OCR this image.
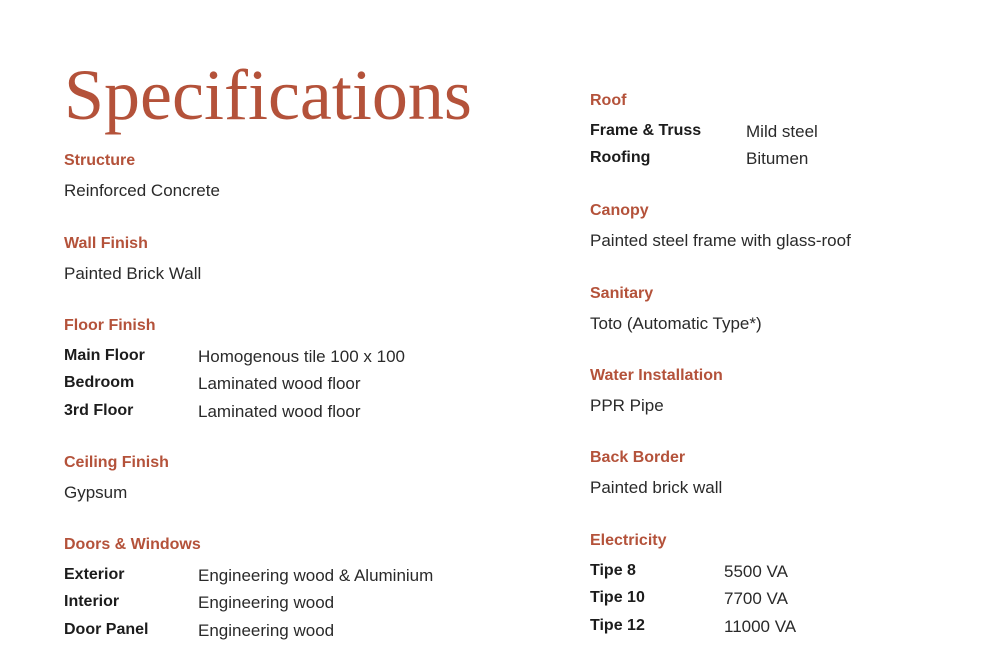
Specifications
Structure
Reinforced Concrete
Wall Finish
Painted Brick Wall
Floor Finish
Main Floor	Homogenous tile 100 x 100
Bedroom	Laminated wood floor
3rd Floor	Laminated wood floor
Ceiling Finish
Gypsum
Doors & Windows
Exterior	Engineering wood & Aluminium
Interior	Engineering wood
Door Panel	Engineering wood
Roof
Frame & Truss	Mild steel
Roofing	Bitumen
Canopy
Painted steel frame with glass-roof
Sanitary
Toto (Automatic Type*)
Water Installation
PPR Pipe
Back Border
Painted brick wall
Electricity
Tipe 8	5500 VA
Tipe 10	7700 VA
Tipe 12	11000 VA
